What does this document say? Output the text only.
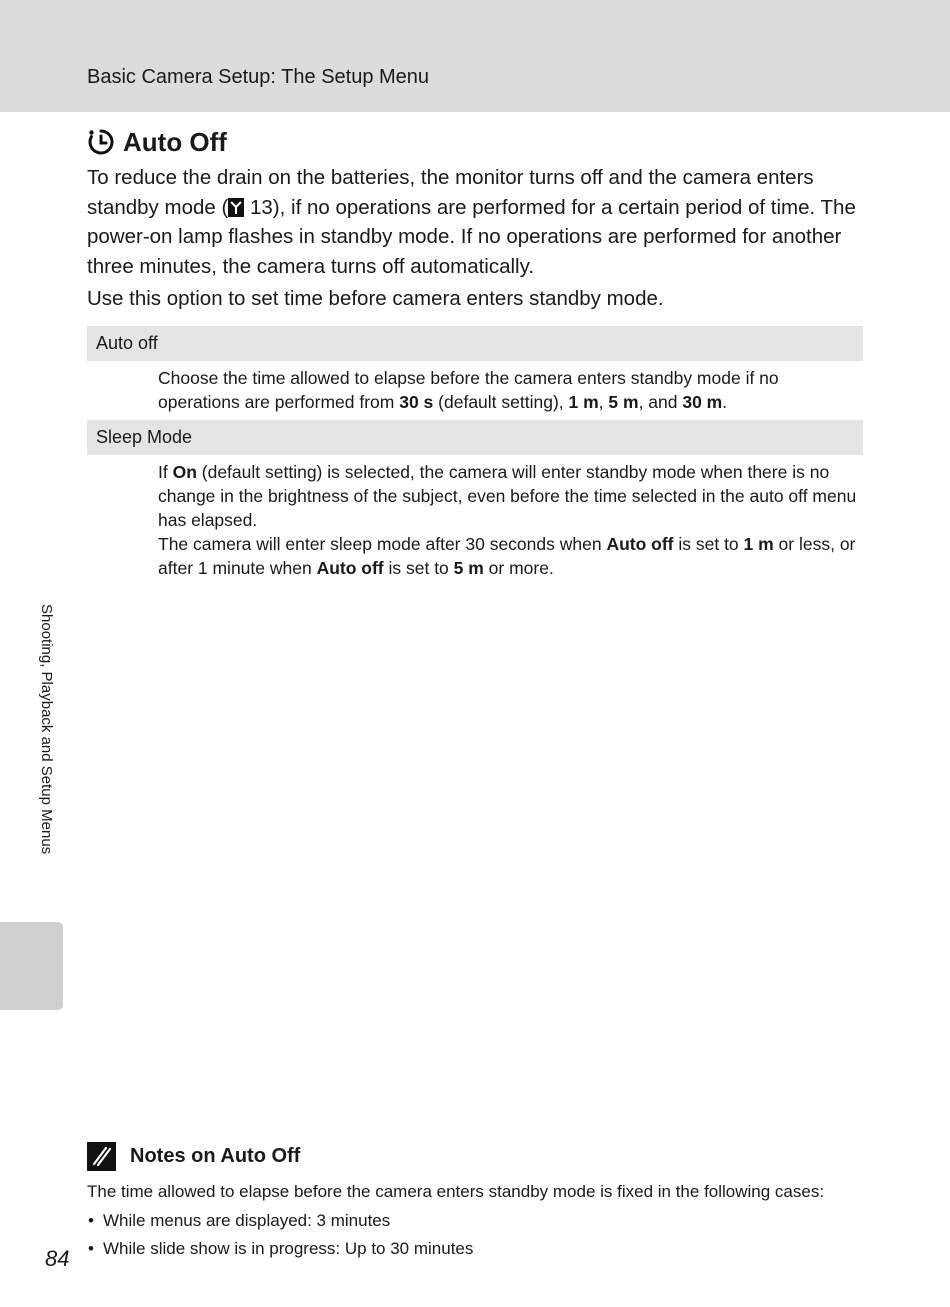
Basic Camera Setup: The Setup Menu
Auto Off

To reduce the drain on the batteries, the monitor turns off and the camera enters standby mode ( 13), if no operations are performed for a certain period of time. The power-on lamp flashes in standby mode. If no operations are performed for another three minutes, the camera turns off automatically.

Use this option to set time before camera enters standby mode.

Auto off

Choose the time allowed to elapse before the camera enters standby mode if no operations are performed from 30 s (default setting), 1 m, 5 m, and 30 m.

Sleep Mode

If On (default setting) is selected, the camera will enter standby mode when there is no change in the brightness of the subject, even before the time selected in the auto off menu has elapsed.
The camera will enter sleep mode after 30 seconds when Auto off is set to 1 m or less, or after 1 minute when Auto off is set to 5 m or more.

Shooting, Playback and Setup Menus
Notes on Auto Off

The time allowed to elapse before the camera enters standby mode is fixed in the following cases:

• While menus are displayed: 3 minutes
• While slide show is in progress: Up to 30 minutes
84
